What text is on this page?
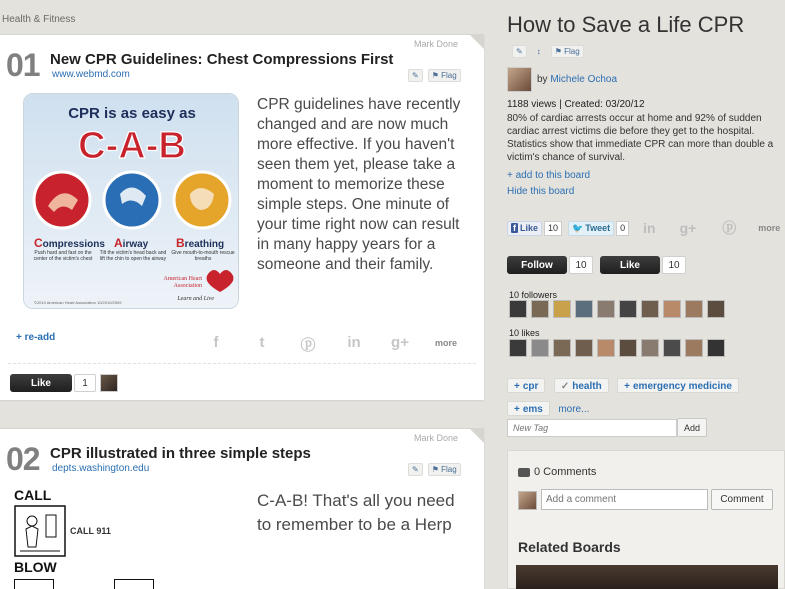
Health & Fitness
Mark Done
01 New CPR Guidelines: Chest Compressions First
www.webmd.com	✎	⚑
Flag
CPR is as easy as
C-A-B
Compressions Airway Breathing
Push hard and fast on the center of the victim's chest
Tilt the victim's head back and lift the chin to open the airway
Give mouth-to-mouth rescue breaths
American Heart
Association
Learn and Live
©2010 American Heart Association 10/2010/2509
CPR guidelines have recently changed and are now much more effective. If you haven't seen them yet, please take a moment to memorize these simple steps. One minute of your time right now can result in many happy years for a someone and their family.
+ re-add	f	t	ⓟ in g+	more
Like	1
Mark Done
02 CPR illustrated in three simple steps
depts.washington.edu	✎	⚑
Flag
CALL
CALL 911
BLOW
C-A-B! That's all you need to remember to be a Herp
How to Save a Life CPR
✎	↕	⚑
Flag
by Michele Ochoa
1188 views | Created: 03/20/12
80% of cardiac arrests occur at home and 92% of sudden cardiac arrest victims die before they get to the hospital. Statistics show that immediate CPR can more than double a victim's chance of survival.
+ add to this board
Hide this board
f Like	10	🐦 Tweet	0 in g+ ⓟ more
Follow	10	Like	10
10 followers
10 likes
+ cpr ✓ health + emergency medicine + ems more...
New Tag
Add
0 Comments
Related Boards
Add a comment
Comment
